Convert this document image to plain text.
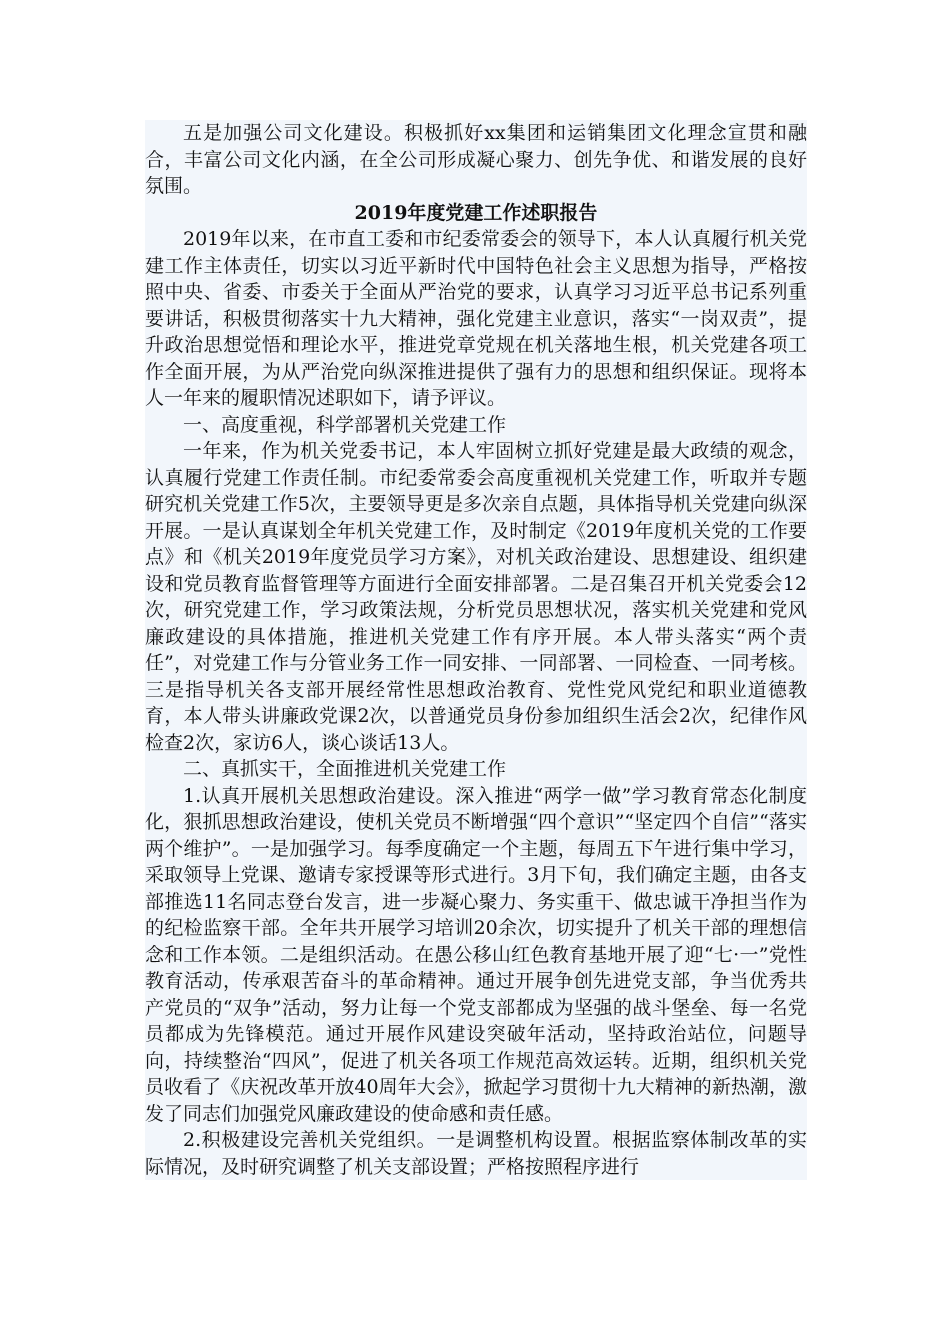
五是加强公司文化建设。积极抓好xx集团和运销集团文化理念宣贯和融合，丰富公司文化内涵，在全公司形成凝心聚力、创先争优、和谐发展的良好氛围。

2019年度党建工作述职报告

2019年以来，在市直工委和市纪委常委会的领导下，本人认真履行机关党建工作主体责任，切实以习近平新时代中国特色社会主义思想为指导，严格按照中央、省委、市委关于全面从严治党的要求，认真学习习近平总书记系列重要讲话，积极贯彻落实十九大精神，强化党建主业意识，落实“一岗双责”，提升政治思想觉悟和理论水平，推进党章党规在机关落地生根，机关党建各项工作全面开展，为从严治党向纵深推进提供了强有力的思想和组织保证。现将本人一年来的履职情况述职如下，请予评议。

一、高度重视，科学部署机关党建工作

一年来，作为机关党委书记，本人牢固树立抓好党建是最大政绩的观念，认真履行党建工作责任制。市纪委常委会高度重视机关党建工作，听取并专题研究机关党建工作5次，主要领导更是多次亲自点题，具体指导机关党建向纵深开展。一是认真谋划全年机关党建工作，及时制定《2019年度机关党的工作要点》和《机关2019年度党员学习方案》，对机关政治建设、思想建设、组织建设和党员教育监督管理等方面进行全面安排部署。二是召集召开机关党委会12次，研究党建工作，学习政策法规，分析党员思想状况，落实机关党建和党风廉政建设的具体措施，推进机关党建工作有序开展。本人带头落实“两个责任”，对党建工作与分管业务工作一同安排、一同部署、一同检查、一同考核。三是指导机关各支部开展经常性思想政治教育、党性党风党纪和职业道德教育，本人带头讲廉政党课2次，以普通党员身份参加组织生活会2次，纪律作风检查2次，家访6人，谈心谈话13人。

二、真抓实干，全面推进机关党建工作

1.认真开展机关思想政治建设。深入推进“两学一做”学习教育常态化制度化，狠抓思想政治建设，使机关党员不断增强“四个意识”“坚定四个自信”“落实两个维护”。一是加强学习。每季度确定一个主题，每周五下午进行集中学习，采取领导上党课、邀请专家授课等形式进行。3月下旬，我们确定主题，由各支部推选11名同志登台发言，进一步凝心聚力、务实重干、做忠诚干净担当作为的纪检监察干部。全年共开展学习培训20余次，切实提升了机关干部的理想信念和工作本领。二是组织活动。在愚公移山红色教育基地开展了迎“七·一”党性教育活动，传承艰苦奋斗的革命精神。通过开展争创先进党支部，争当优秀共产党员的“双争”活动，努力让每一个党支部都成为坚强的战斗堡垒、每一名党员都成为先锋模范。通过开展作风建设突破年活动，坚持政治站位，问题导向，持续整治“四风”，促进了机关各项工作规范高效运转。近期，组织机关党员收看了《庆祝改革开放40周年大会》，掀起学习贯彻十九大精神的新热潮，激发了同志们加强党风廉政建设的使命感和责任感。

2.积极建设完善机关党组织。一是调整机构设置。根据监察体制改革的实际情况，及时研究调整了机关支部设置；严格按照程序进行
